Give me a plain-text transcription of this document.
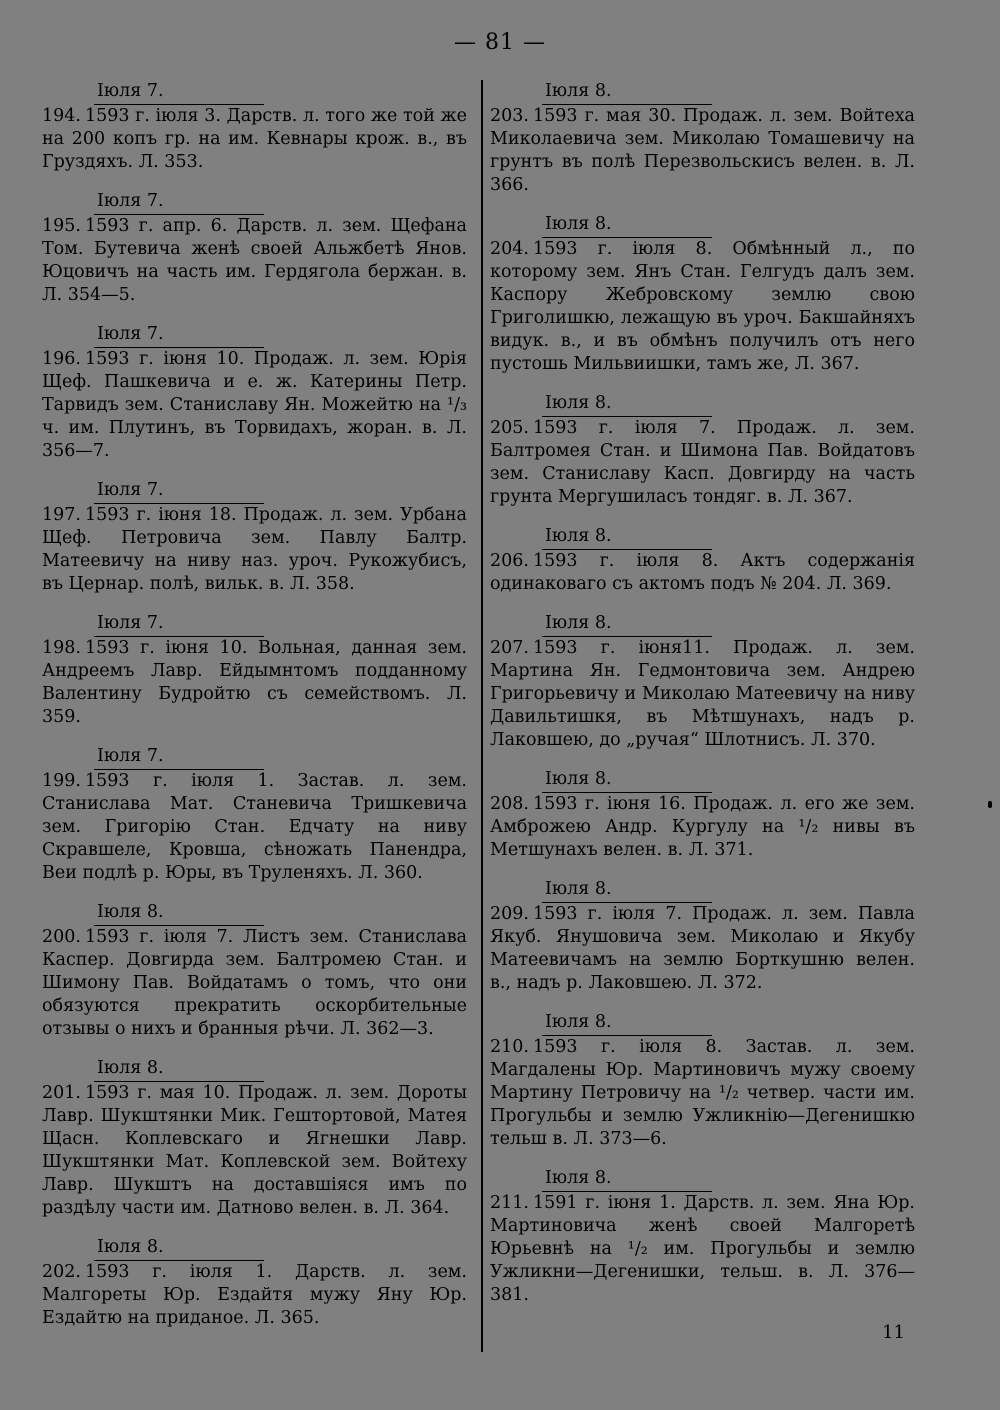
— 81 —
Іюля 7.
194. 1593 г. іюля 3. Дарств. л. того же той же на 200 копъ гр. на им. Кевнары крож. в., въ Груздяхъ. Л. 353.
Іюля 7.
195. 1593 г. апр. 6. Дарств. л. зем. Щефана Том. Бутевича женѣ своей Альжбетѣ Янов. Юцовичъ на часть им. Гердягола бержан. в. Л. 354—5.
Іюля 7.
196. 1593 г. іюня 10. Продаж. л. зем. Юрія Щеф. Пашкевича и е. ж. Катерины Петр. Тарвидъ зем. Станиславу Ян. Можейтю на ¹/₃ ч. им. Плутинъ, въ Торвидахъ, жоран. в. Л. 356—7.
Іюля 7.
197. 1593 г. іюня 18. Продаж. л. зем. Урбана Щеф. Петровича зем. Павлу Балтр. Матеевичу на ниву наз. уроч. Рукожубисъ, въ Цернар. полѣ, вильк. в. Л. 358.
Іюля 7.
198. 1593 г. іюня 10. Вольная, данная зем. Андреемъ Лавр. Ейдымнтомъ подданному Валентину Будройтю съ семействомъ. Л. 359.
Іюля 7.
199. 1593 г. іюля 1. Застав. л. зем. Станислава Мат. Станевича Тришкевича зем. Григорію Стан. Едчату на ниву Скравшеле, Кровша, сѣножать Панендра, Веи подлѣ р. Юры, въ Труленяхъ. Л. 360.
Іюля 8.
200. 1593 г. іюля 7. Листъ зем. Станислава Каспер. Довгирда зем. Балтромею Стан. и Шимону Пав. Войдатамъ о томъ, что они обязуются прекратить оскорбительные отзывы о нихъ и бранныя рѣчи. Л. 362—3.
Іюля 8.
201. 1593 г. мая 10. Продаж. л. зем. Дороты Лавр. Шукштянки Мик. Гештортовой, Матея Щасн. Коплевскаго и Ягнешки Лавр. Шукштянки Мат. Коплевской зем. Войтеху Лавр. Шукштъ на доставшіяся имъ по раздѣлу части им. Датново велен. в. Л. 364.
Іюля 8.
202. 1593 г. іюля 1. Дарств. л. зем. Малгореты Юр. Ездайтя мужу Яну Юр. Ездайтю на приданое. Л. 365.
Іюля 8.
203. 1593 г. мая 30. Продаж. л. зем. Войтеха Миколаевича зем. Миколаю Томашевичу на грунтъ въ полѣ Перезвольскисъ велен. в. Л. 366.
Іюля 8.
204. 1593 г. іюля 8. Обмѣнный л., по которому зем. Янъ Стан. Гелгудъ далъ зем. Каспору Жебровскому землю свою Григолишкю, лежащую въ уроч. Бакшайняхъ видук. в., и въ обмѣнъ получилъ отъ него пустошь Мильвиишки, тамъ же, Л. 367.
Іюля 8.
205. 1593 г. іюля 7. Продаж. л. зем. Балтромея Стан. и Шимона Пав. Войдатовъ зем. Станиславу Касп. Довгирду на часть грунта Мергушиласъ тондяг. в. Л. 367.
Іюля 8.
206. 1593 г. іюля 8. Актъ содержанія одинаковаго съ актомъ подъ № 204. Л. 369.
Іюля 8.
207. 1593 г. іюня11. Продаж. л. зем. Мартина Ян. Гедмонтовича зем. Андрею Григорьевичу и Миколаю Матеевичу на ниву Давильтишкя, въ Мѣтшунахъ, надъ р. Лаковшею, до „ручая“ Шлотнисъ. Л. 370.
Іюля 8.
208. 1593 г. іюня 16. Продаж. л. его же зем. Амброжею Андр. Кургулу на ¹/₂ нивы въ Метшунахъ велен. в. Л. 371.
Іюля 8.
209. 1593 г. іюля 7. Продаж. л. зем. Павла Якуб. Янушовича зем. Миколаю и Якубу Матеевичамъ на землю Борткушню велен. в., надъ р. Лаковшею. Л. 372.
Іюля 8.
210. 1593 г. іюля 8. Застав. л. зем. Магдалены Юр. Мартиновичъ мужу своему Мартину Петровичу на ¹/₂ четвер. части им. Прогульбы и землю Ужликнію—Дегенишкю тельш в. Л. 373—6.
Іюля 8.
211. 1591 г. іюня 1. Дарств. л. зем. Яна Юр. Мартиновича женѣ своей Малгоретѣ Юрьевнѣ на ¹/₂ им. Прогульбы и землю Ужликни—Дегенишки, тельш. в. Л. 376—381.
11
